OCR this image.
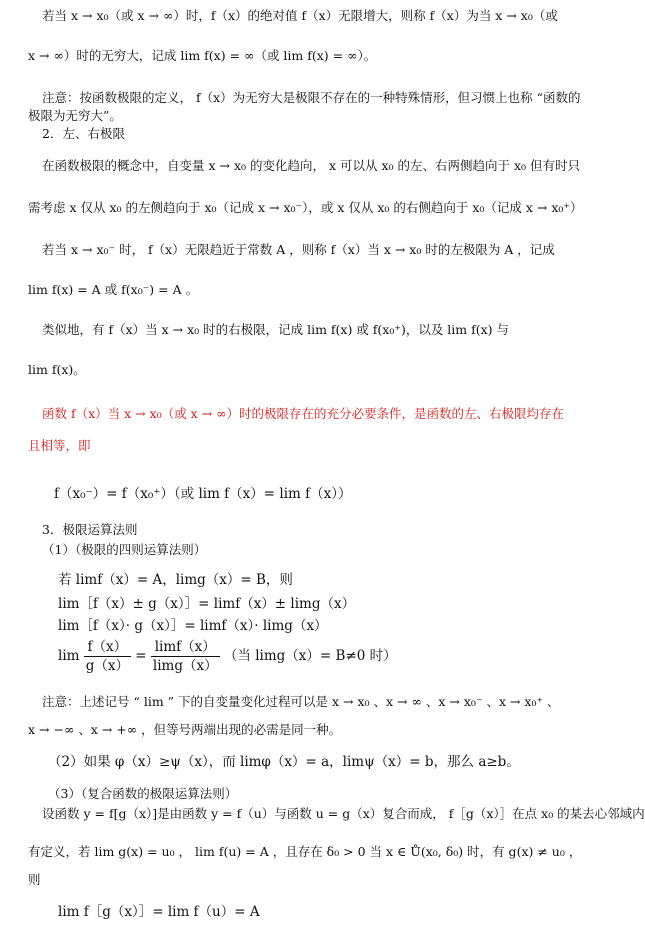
若当 x → x₀（或 x → ∞）时，f（x）的绝对值 f（x）无限增大，则称 f（x）为当 x → x₀（或
x → ∞）时的无穷大，记成 lim f(x) = ∞（或 lim f(x) = ∞）。
注意：按函数极限的定义， f（x）为无穷大是极限不存在的一种特殊情形，但习惯上也称 “函数的
极限为无穷大”。
2．左、右极限
在函数极限的概念中，自变量 x → x₀ 的变化趋向， x 可以从 x₀ 的左、右两侧趋向于 x₀ 但有时只
需考虑 x 仅从 x₀ 的左侧趋向于 x₀（记成 x → x₀⁻），或 x 仅从 x₀ 的右侧趋向于 x₀（记成 x → x₀⁺）
若当 x → x₀⁻ 时， f（x）无限趋近于常数 A ，则称 f（x）当 x → x₀ 时的左极限为 A ，记成
lim f(x) = A 或 f(x₀⁻) = A 。
类似地，有 f（x）当 x → x₀ 时的右极限，记成 lim f(x) 或 f(x₀⁺)，以及 lim f(x) 与
lim f(x)。
函数 f（x）当 x → x₀（或 x → ∞）时的极限存在的充分必要条件，是函数的左、右极限均存在
且相等，即
f（x₀⁻）= f（x₀⁺）（或 lim f（x）= lim f（x））
3．极限运算法则
（1）（极限的四则运算法则）
若 limf（x）= A，limg（x）= B，则
lim［f（x）± g（x）］= limf（x）± limg（x）
lim［f（x）· g（x）］= limf（x）· limg（x）
$\lim \frac{f(x)}{g(x)} = \frac{\lim f(x)}{\lim g(x)}$ （当 limg（x）= B≠0 时）
注意：上述记号 “ lim ” 下的自变量变化过程可以是 x → x₀ 、x → ∞ 、x → x₀⁻ 、x → x₀⁺ 、
x → −∞ 、x → +∞ ，但等号两端出现的必需是同一种。
（2）如果 φ（x）≥ψ（x），而 limφ（x）= a，limψ（x）= b，那么 a≥b。
（3）（复合函数的极限运算法则）
设函数 y = f[g（x）]是由函数 y = f（u）与函数 u = g（x）复合而成， f［g（x）］在点 x₀ 的某去心邻域内
有定义，若 lim g(x) = u₀ ， lim f(u) = A ，且存在 δ₀ > 0 当 x ∈ Ů(x₀, δ₀) 时，有 g(x) ≠ u₀ ，
则
lim f［g（x）］= lim f（u）= A
